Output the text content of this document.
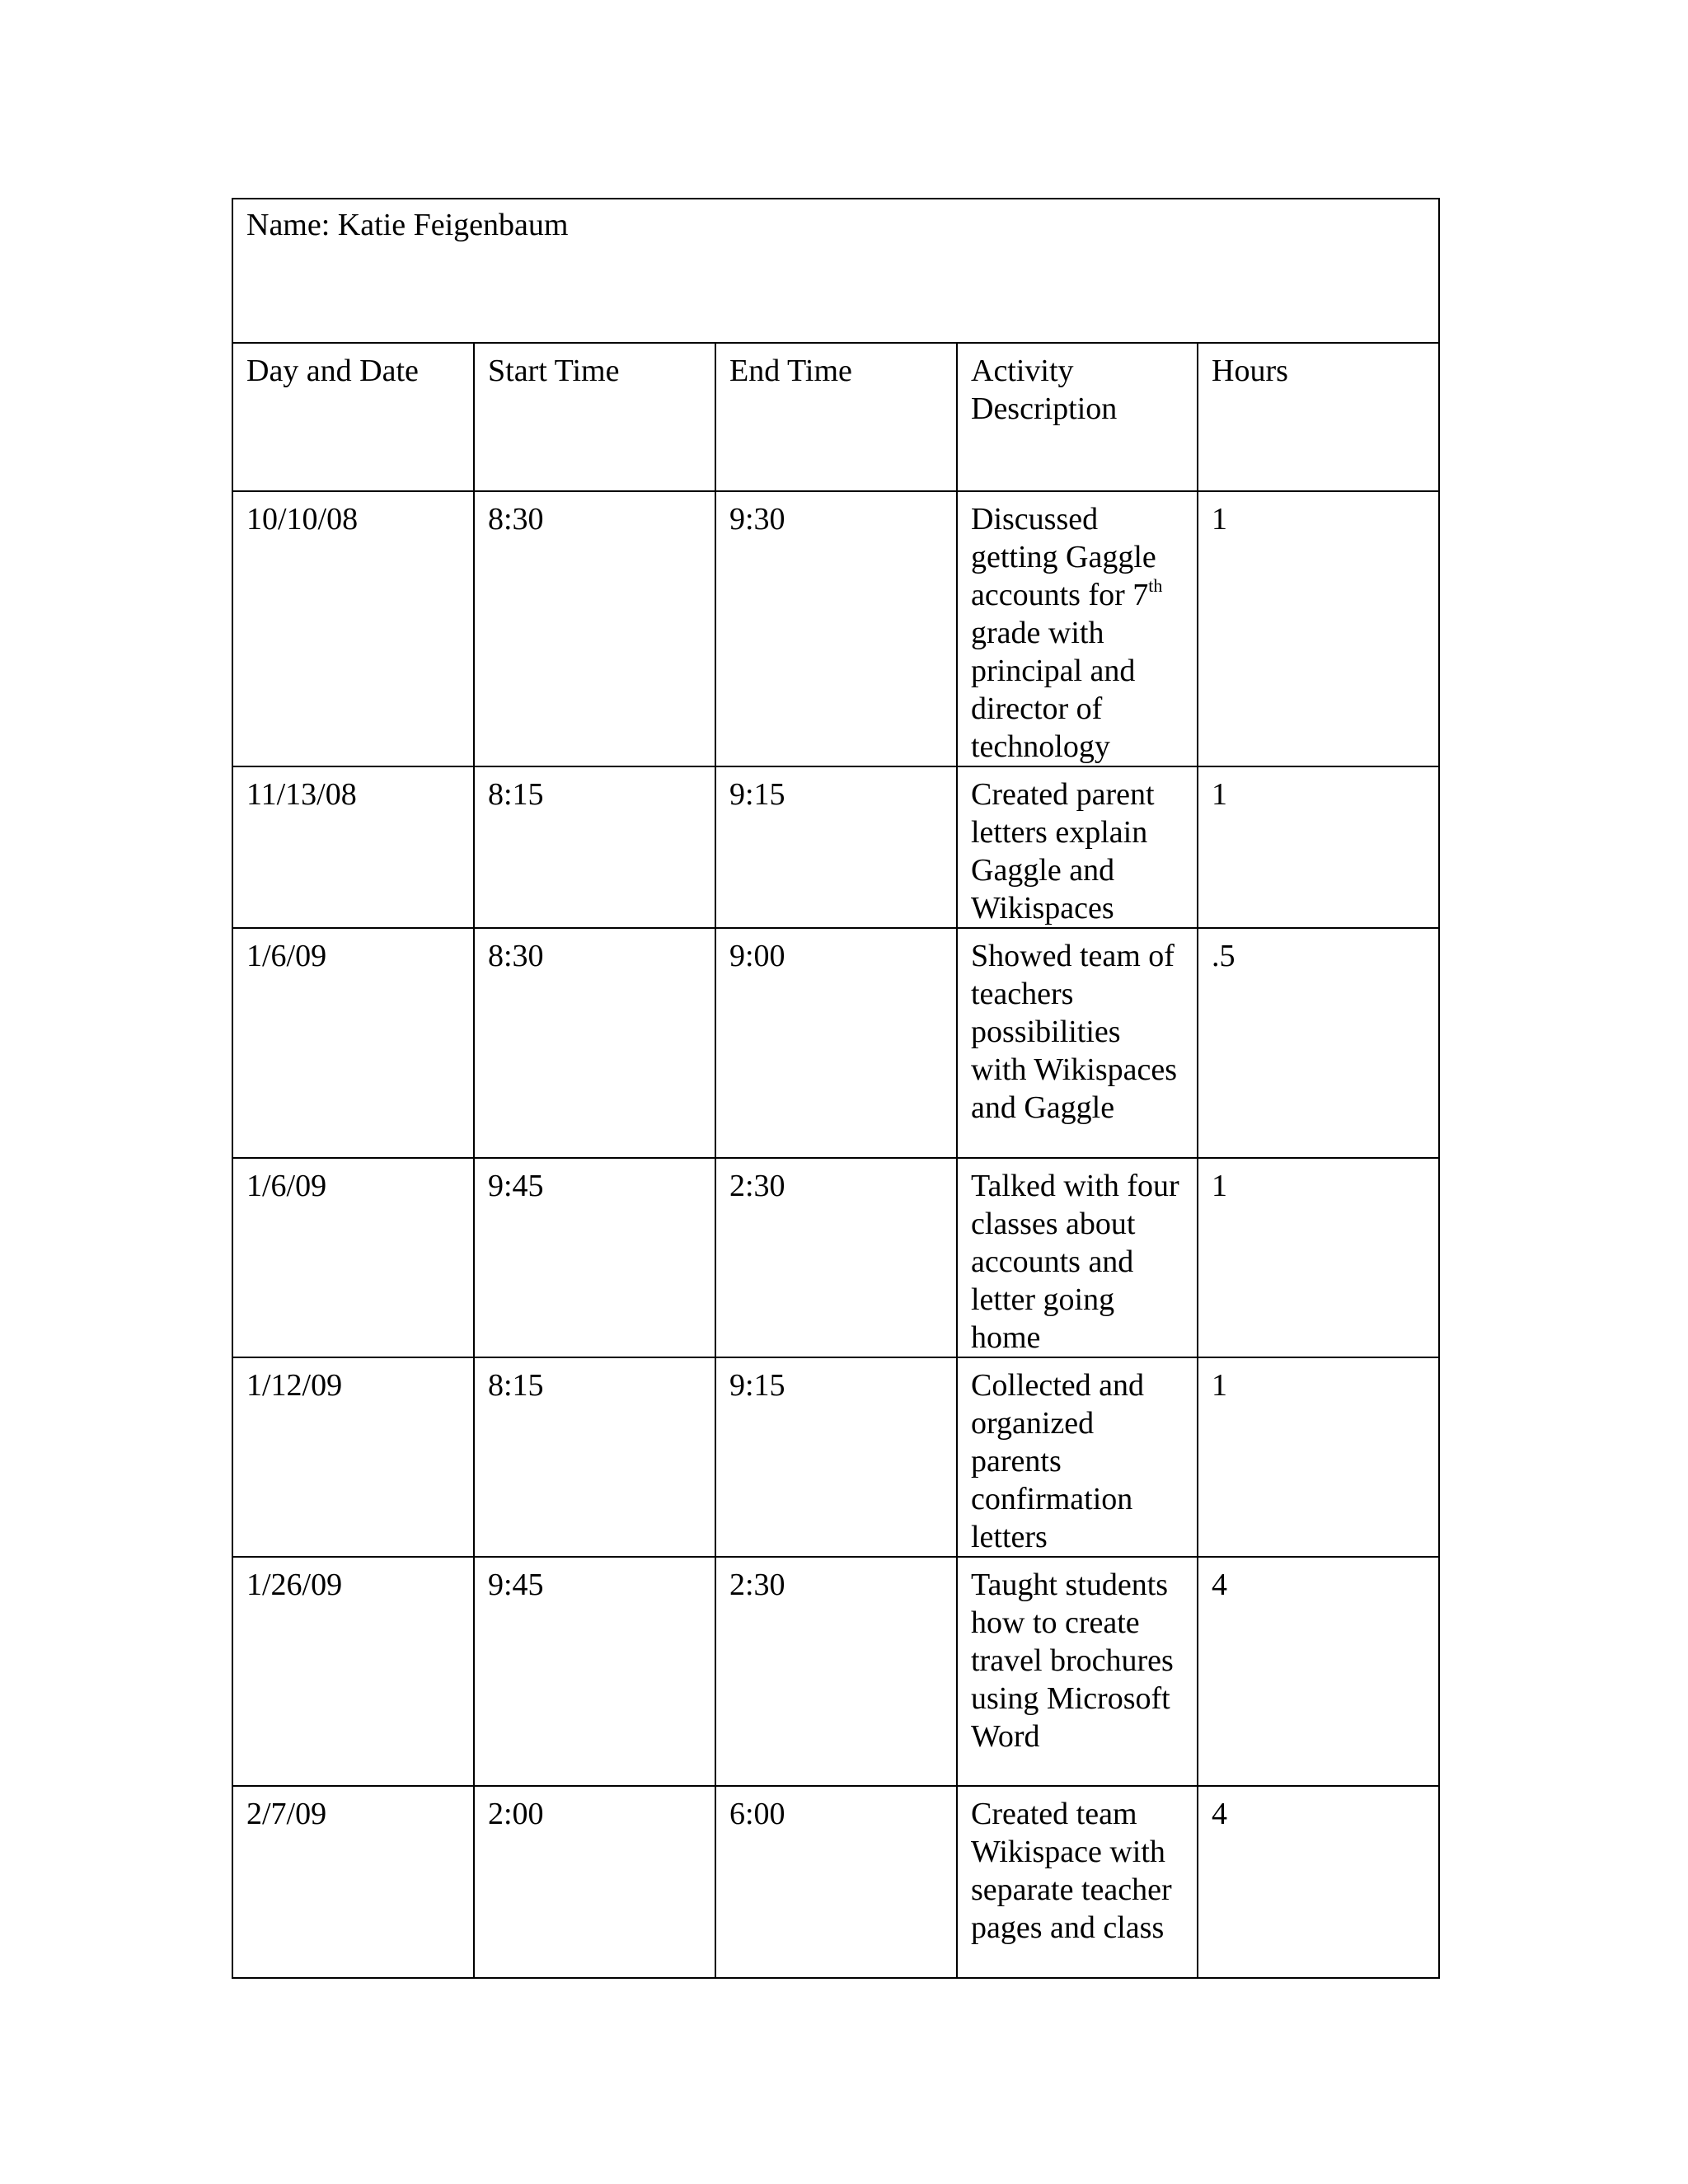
Name: Katie Feigenbaum				
Day and Date	Start Time	End Time	Activity Description	Hours
10/10/08	8:30	9:30	Discussed getting Gaggle accounts for 7th grade with principal and director of technology	1
11/13/08	8:15	9:15	Created parent letters explain Gaggle and Wikispaces	1
1/6/09	8:30	9:00	Showed team of teachers possibilities with Wikispaces and Gaggle	.5
1/6/09	9:45	2:30	Talked with four classes about accounts and letter going home	1
1/12/09	8:15	9:15	Collected and organized parents confirmation letters	1
1/26/09	9:45	2:30	Taught students how to create travel brochures using Microsoft Word	4
2/7/09	2:00	6:00	Created team Wikispace with separate teacher pages and class	4
